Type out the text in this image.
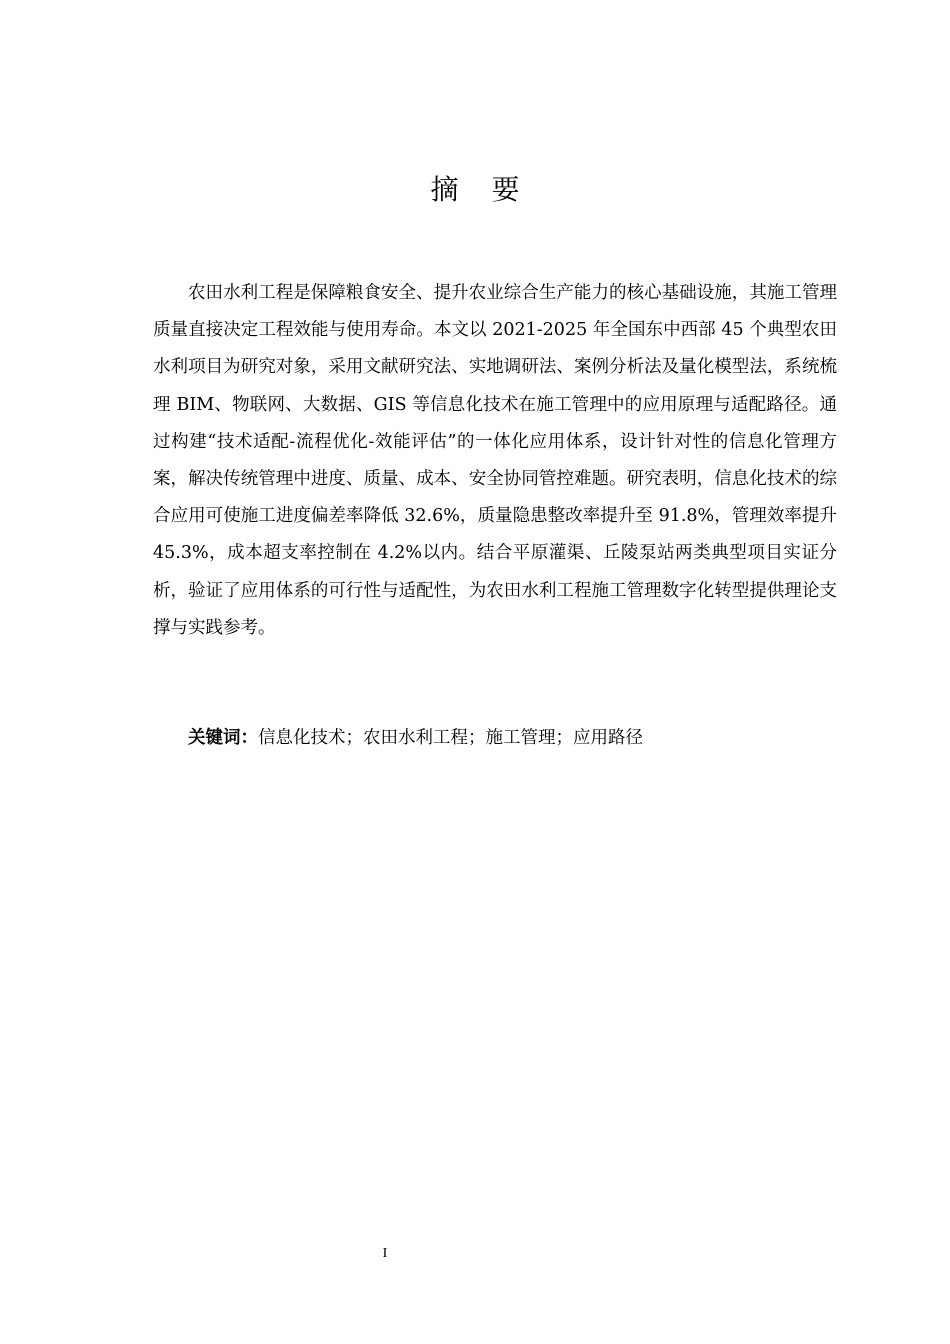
摘 要

农田水利工程是保障粮食安全、提升农业综合生产能力的核心基础设施，其施工管理质量直接决定工程效能与使用寿命。本文以 2021-2025 年全国东中西部 45 个典型农田水利项目为研究对象，采用文献研究法、实地调研法、案例分析法及量化模型法，系统梳理 BIM、物联网、大数据、GIS 等信息化技术在施工管理中的应用原理与适配路径。通过构建“技术适配-流程优化-效能评估”的一体化应用体系，设计针对性的信息化管理方案，解决传统管理中进度、质量、成本、安全协同管控难题。研究表明，信息化技术的综合应用可使施工进度偏差率降低 32.6%，质量隐患整改率提升至 91.8%，管理效率提升 45.3%，成本超支率控制在 4.2%以内。结合平原灌渠、丘陵泵站两类典型项目实证分析，验证了应用体系的可行性与适配性，为农田水利工程施工管理数字化转型提供理论支撑与实践参考。

关键词：信息化技术；农田水利工程；施工管理；应用路径

I
